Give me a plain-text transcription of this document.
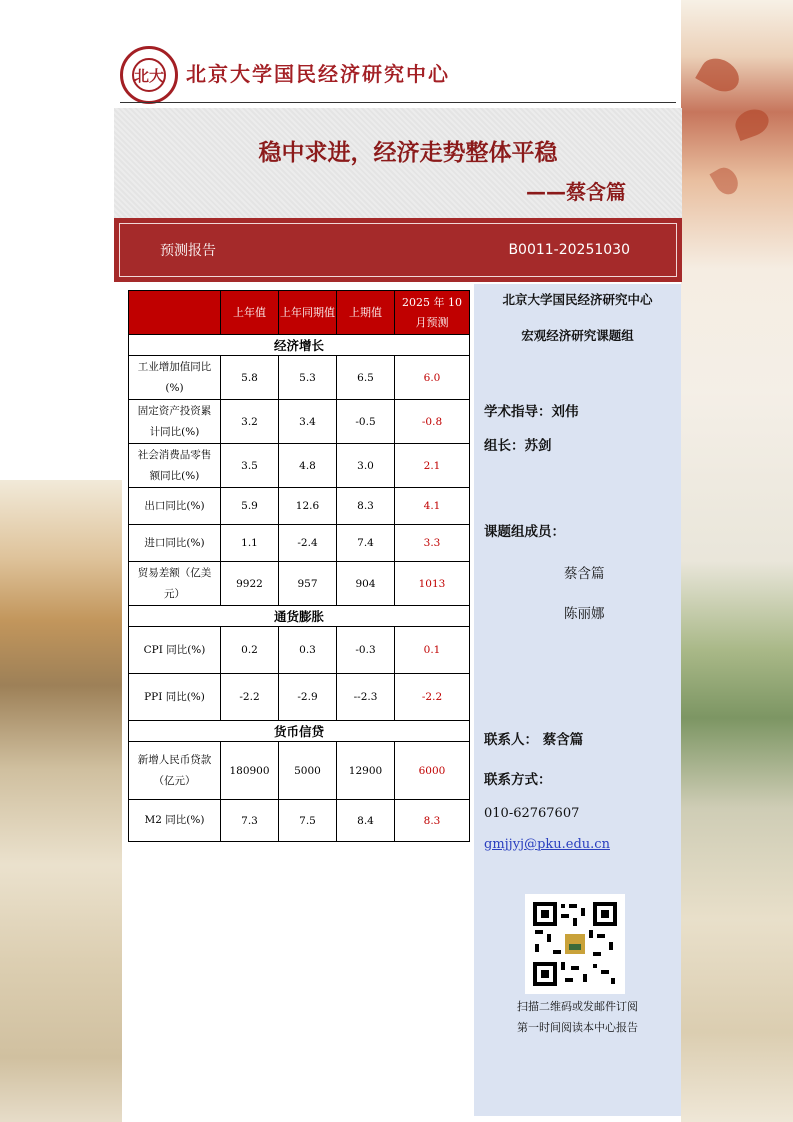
北大 北京大学国民经济研究中心
稳中求进，经济走势整体平稳
——蔡含篇
预测报告	B0011-20251030
	上年值	上年同期值	上期值	2025 年 10 月预测
经济增长				
工业增加值同比(%)	5.8	5.3	6.5	6.0
固定资产投资累计同比(%)	3.2	3.4	-0.5	-0.8
社会消费品零售额同比(%)	3.5	4.8	3.0	2.1
出口同比(%)	5.9	12.6	8.3	4.1
进口同比(%)	1.1	-2.4	7.4	3.3
贸易差额（亿美元）	9922	957	904	1013
通货膨胀				
CPI 同比(%)	0.2	0.3	-0.3	0.1
PPI 同比(%)	-2.2	-2.9	--2.3	-2.2
货币信贷				
新增人民币贷款（亿元）	180900	5000	12900	6000
M2 同比(%)	7.3	7.5	8.4	8.3
北京大学国民经济研究中心
宏观经济研究课题组
学术指导：刘伟
组长：苏剑
课题组成员：
蔡含篇
陈丽娜
联系人： 蔡含篇
联系方式：
010-62767607
gmjjyj@pku.edu.cn
扫描二维码或发邮件订阅
第一时间阅读本中心报告
